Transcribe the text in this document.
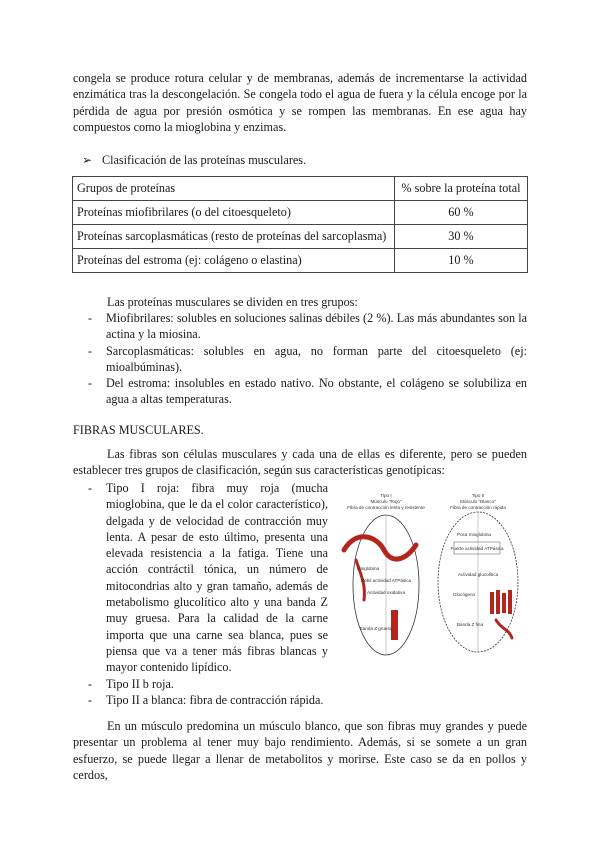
congela se produce rotura celular y de membranas, además de incrementarse la actividad enzimática tras la descongelación. Se congela todo el agua de fuera y la célula encoge por la pérdida de agua por presión osmótica y se rompen las membranas. En ese agua hay compuestos como la mioglobina y enzimas.

➢ Clasificación de las proteínas musculares.
Grupos de proteínas	% sobre la proteína total
Proteínas miofibrilares (o del citoesqueleto)	60 %
Proteínas sarcoplasmáticas (resto de proteínas del sarcoplasma)	30 %
Proteínas del estroma (ej: colágeno o elastina)	10 %

Las proteínas musculares se dividen en tres grupos:

- Miofibrilares: solubles en soluciones salinas débiles (2 %). Las más abundantes son la actina y la miosina.
- Sarcoplasmáticas: solubles en agua, no forman parte del citoesqueleto (ej: mioalbúminas).
- Del estroma: insolubles en estado nativo. No obstante, el colágeno se solubiliza en agua a altas temperaturas.
FIBRAS MUSCULARES.

Las fibras son células musculares y cada una de ellas es diferente, pero se pueden establecer tres grupos de clasificación, según sus características genotípicas:

- Tipo I roja: fibra muy roja (mucha mioglobina, que le da el color característico), delgada y de velocidad de contracción muy lenta. A pesar de esto último, presenta una elevada resistencia a la fatiga. Tiene una acción contráctil tónica, un número de mitocondrias alto y gran tamaño, además de metabolismo glucolítico alto y una banda Z muy gruesa. Para la calidad de la carne importa que una carne sea blanca, pues se piensa que va a tener más fibras blancas y mayor contenido lipídico.
- Tipo II b roja.
- Tipo II a blanca: fibra de contracción rápida.
Tipo I
Músculo "Rojo"
Fibra de contracción lenta y resistente
Mioglobina
Débil actividad ATPásica
Actividad oxidativa
Banda Z gruesa
Tipo II
Músculo "Blanco"
Fibra de contracción rápida
Poca mioglobina
Fuerte actividad ATPásica
Actividad glucolítica
Glucógeno
Banda Z fina

En un músculo predomina un músculo blanco, que son fibras muy grandes y puede presentar un problema al tener muy bajo rendimiento. Además, si se somete a un gran esfuerzo, se puede llegar a llenar de metabolitos y morirse. Este caso se da en pollos y cerdos,
